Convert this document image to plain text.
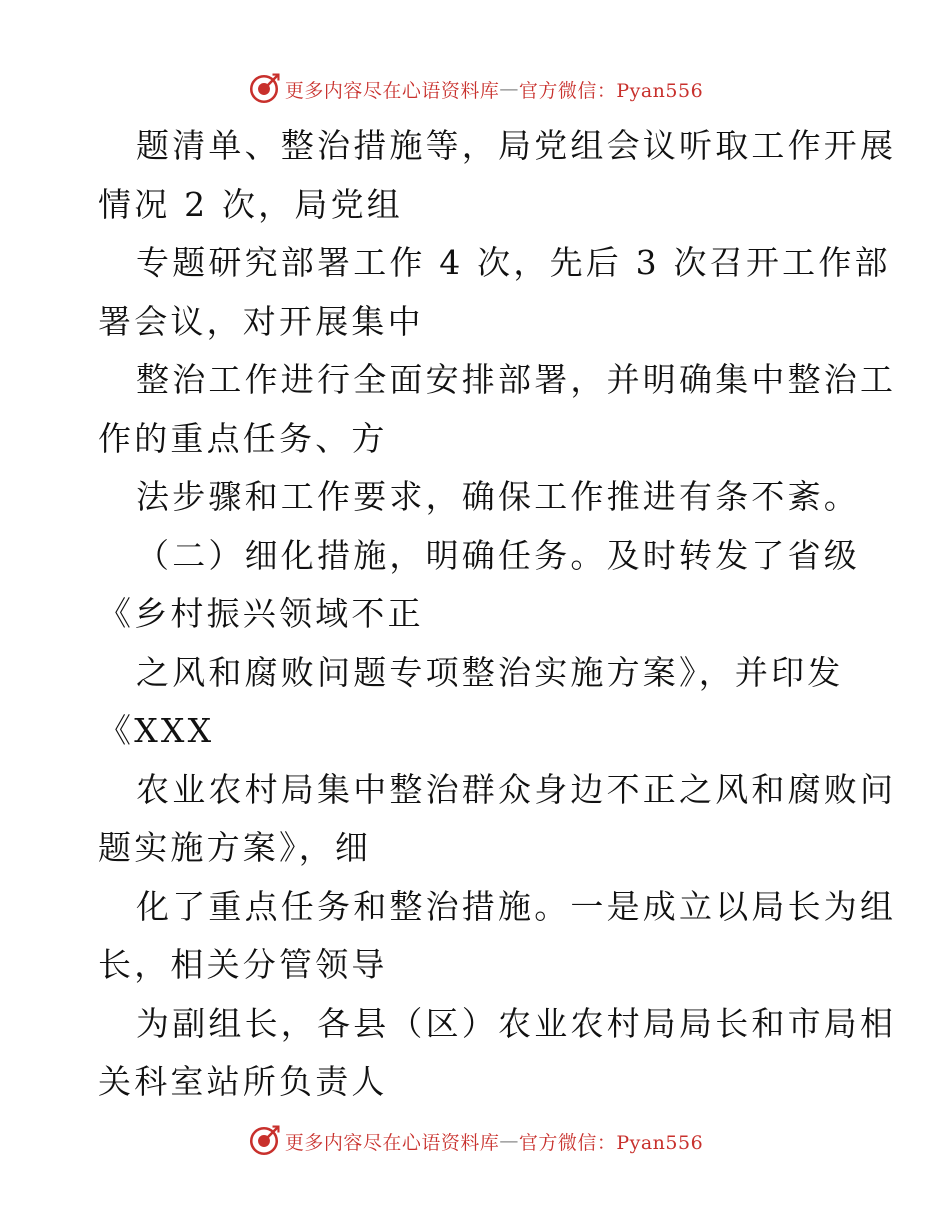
更多内容尽在心语资料库 — 官方微信：Pyan556
题清单、整治措施等，局党组会议听取工作开展
情况 2 次，局党组
专题研究部署工作 4 次，先后 3 次召开工作部
署会议，对开展集中
整治工作进行全面安排部署，并明确集中整治工
作的重点任务、方
法步骤和工作要求，确保工作推进有条不紊。
（二）细化措施，明确任务。及时转发了省级
《乡村振兴领域不正
之风和腐败问题专项整治实施方案》，并印发
《XXX
农业农村局集中整治群众身边不正之风和腐败问
题实施方案》，细
化了重点任务和整治措施。一是成立以局长为组
长，相关分管领导
为副组长，各县（区）农业农村局局长和市局相
关科室站所负责人
更多内容尽在心语资料库 — 官方微信：Pyan556
